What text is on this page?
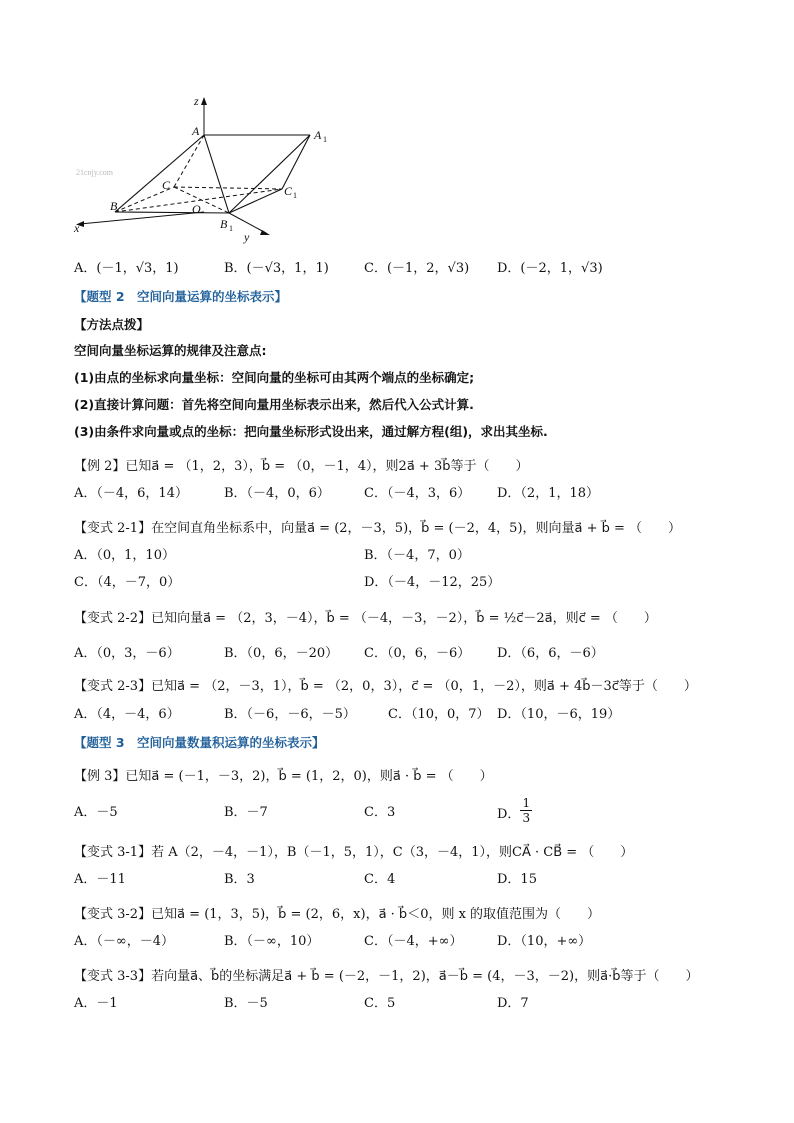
21cnjy.com
z
A	A 1
C	C 1
B	O
B 1
x
y
A．(－1，√3，1)	B．(－√3，1，1)	C．(－1，2，√3) D．(－2，1，√3)
【题型 2　空间向量运算的坐标表示】
【方法点拨】
空间向量坐标运算的规律及注意点:
(1)由点的坐标求向量坐标：空间向量的坐标可由其两个端点的坐标确定;
(2)直接计算问题：首先将空间向量用坐标表示出来，然后代入公式计算.
(3)由条件求向量或点的坐标：把向量坐标形式设出来，通过解方程(组)，求出其坐标.
【例 2】已知a⃗ = （1，2，3），b⃗ = （0，－1，4），则2a⃗ + 3b⃗等于（　　）
A．（－4，6，14）	B．（－4，0，6）	C．（－4，3，6） D．（2，1，18）
【变式 2-1】在空间直角坐标系中，向量a⃗ = (2，－3，5)，b⃗ = (－2，4，5)，则向量a⃗ + b⃗ = （　　）
A．（0，1，10）	B．（－4，7，0）
C．（4，－7，0）	D．（－4，－12，25）
【变式 2-2】已知向量a⃗ = （2，3，－4），b⃗ = （－4，－3，－2），b⃗ = ½c⃗－2a⃗，则c⃗ = （　　）
A．（0，3，－6）	B．（0，6，－20） C．（0，6，－6） D．（6，6，－6）
【变式 2-3】已知a⃗ = （2，－3，1），b⃗ = （2，0，3），c⃗ = （0，1，－2），则a⃗ + 4b⃗－3c⃗等于（　　）
A．（4，－4，6）	B．（－6，－6，－5） C．（10，0，7） D．（10，－6，19）
【题型 3　空间向量数量积运算的坐标表示】
【例 3】已知a⃗ = (－1，－3，2)，b⃗ = (1，2，0)，则a⃗ · b⃗ = （　　）
A．－5	B．－7	C．3	D． $\frac{1}{3}$
【变式 3-1】若 A（2，－4，－1），B（－1，5，1），C（3，－4，1），则CA⃗ · CB⃗ = （　　）
A．－11	B．3	C．4	D．15
【变式 3-2】已知a⃗ = (1，3，5)，b⃗ = (2，6，x)，a⃗ · b⃗＜0，则 x 的取值范围为（　　）
A．（－∞，－4）	B．（－∞，10）	C．（－4，+∞）	D．（10，+∞）
【变式 3-3】若向量a⃗、b⃗的坐标满足a⃗ + b⃗ = (－2，－1，2)，a⃗－b⃗ = (4，－3，－2)，则a⃗·b⃗等于（　　）
A．－1	B．－5	C．5	D．7
